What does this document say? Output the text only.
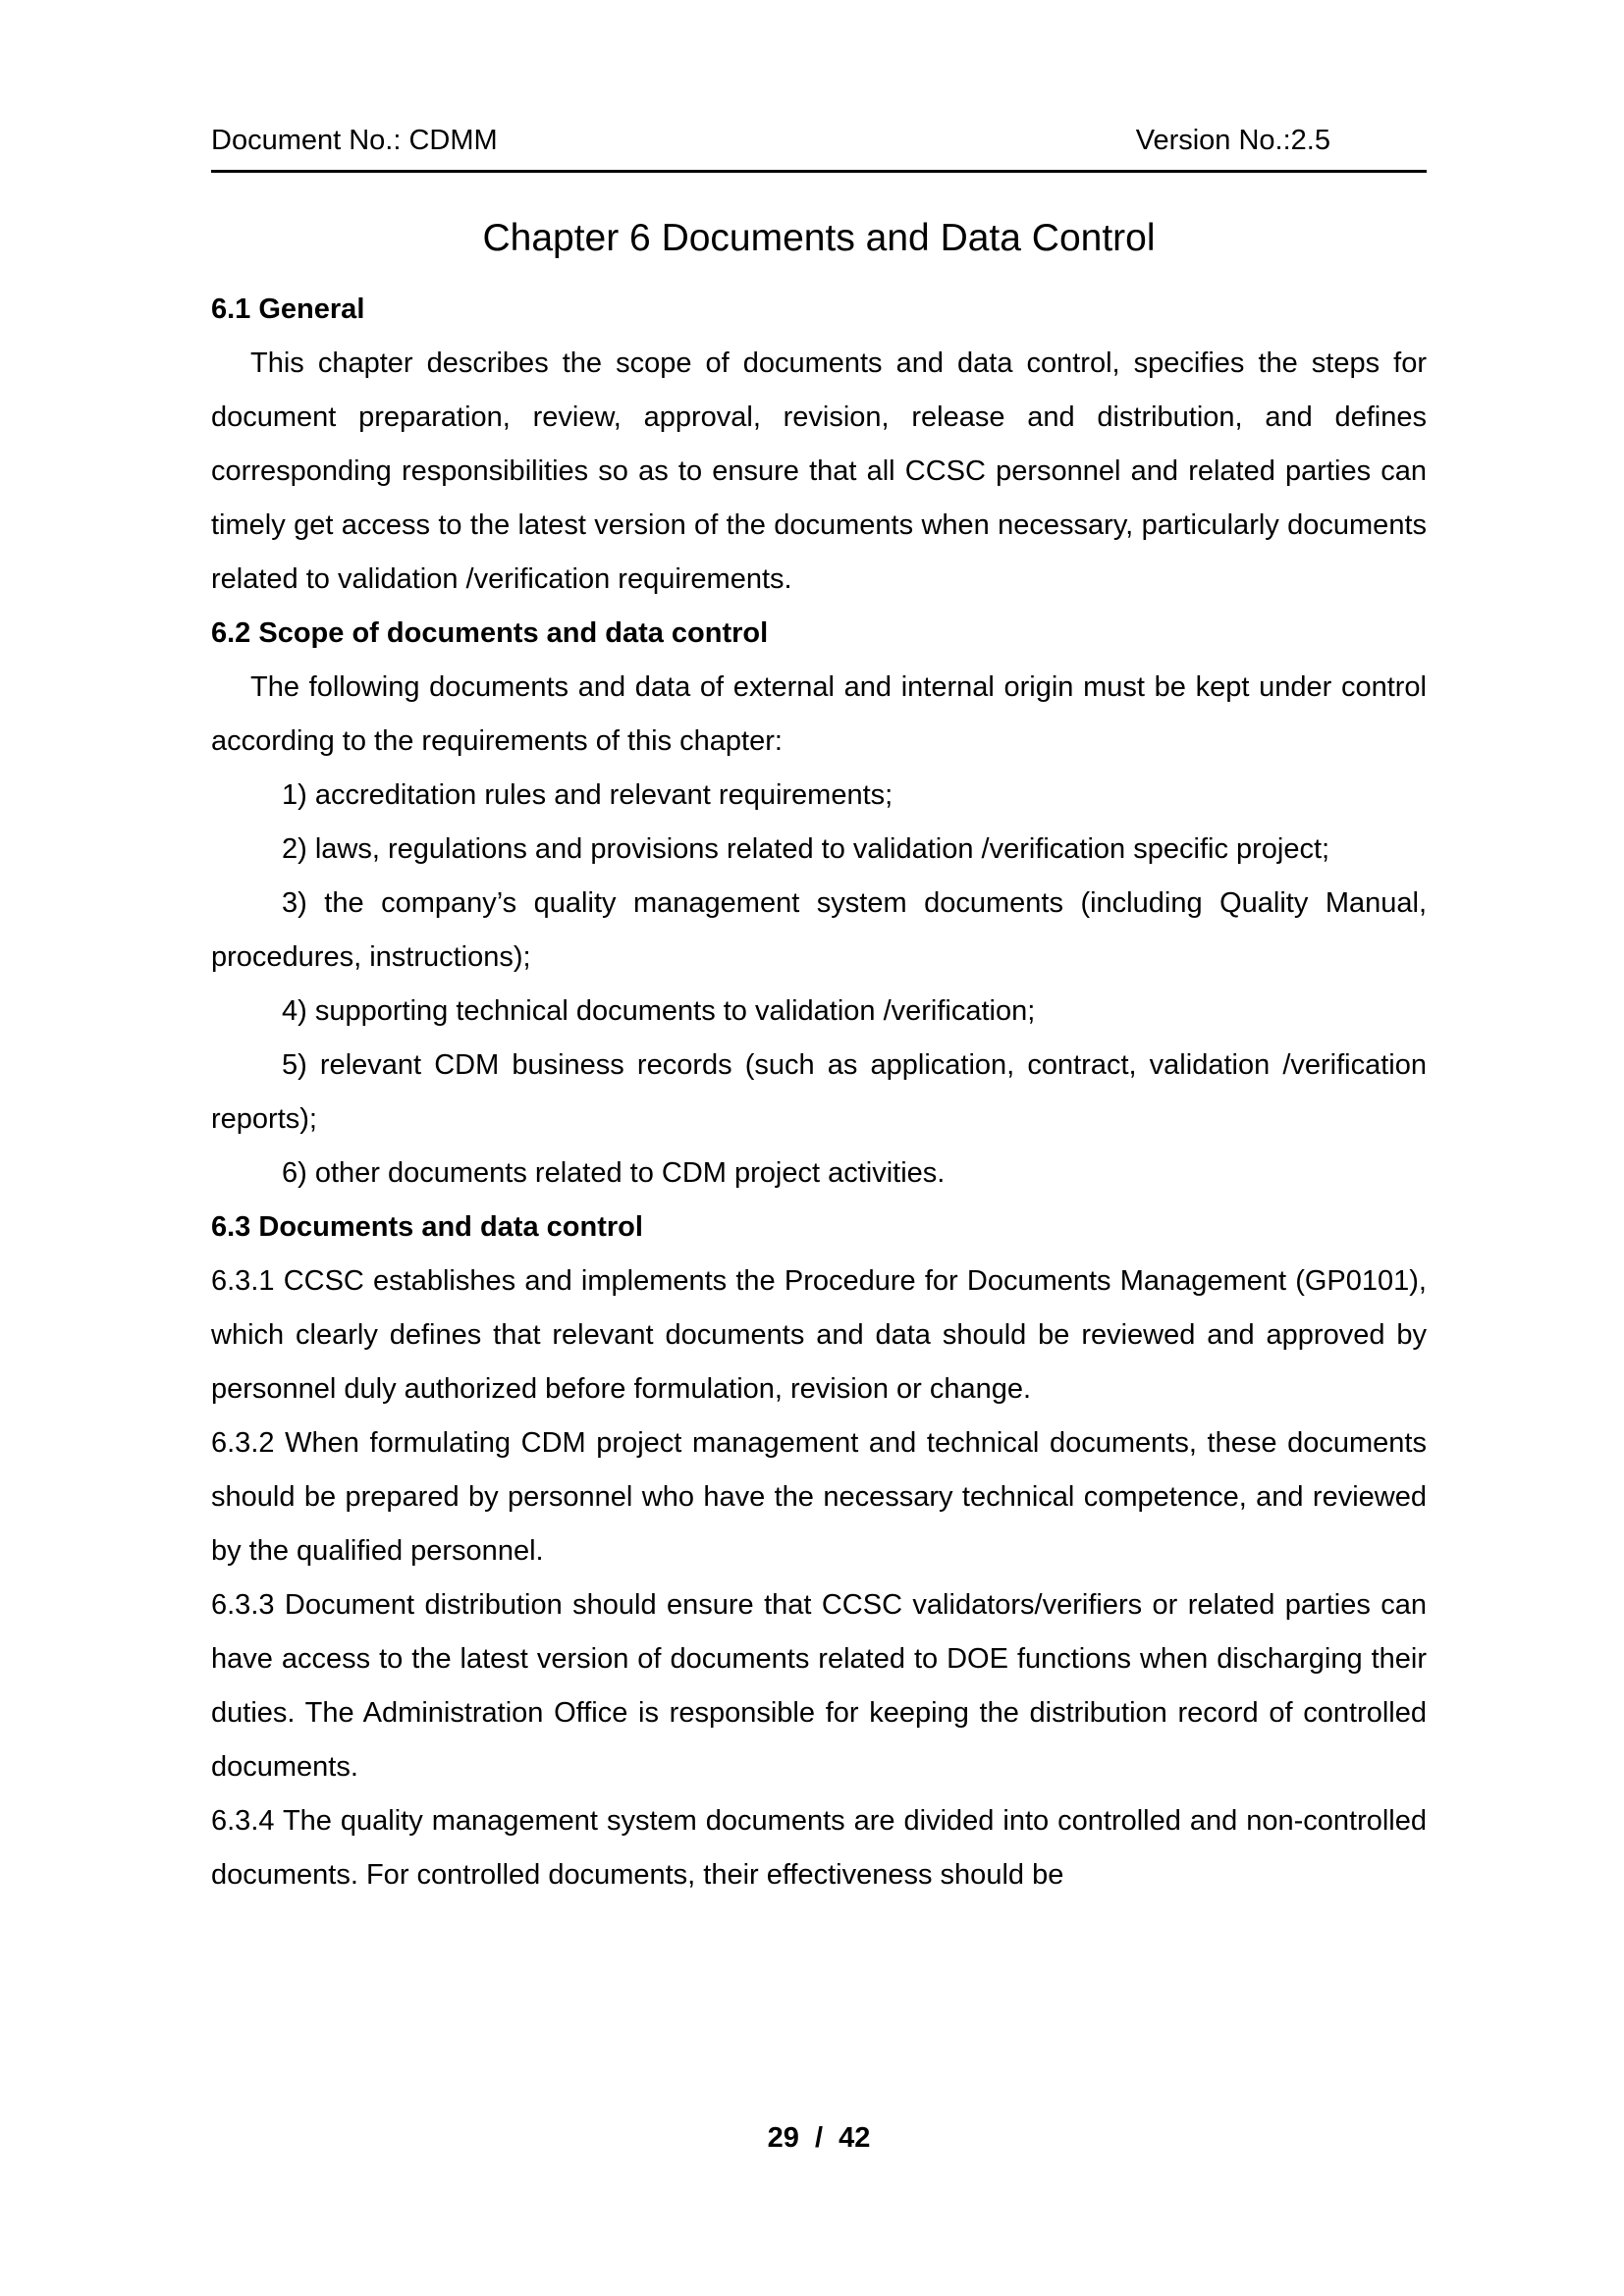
Document No.: CDMM	Version No.:2.5
Chapter 6 Documents and Data Control
6.1 General
This chapter describes the scope of documents and data control, specifies the steps for document preparation, review, approval, revision, release and distribution, and defines corresponding responsibilities so as to ensure that all CCSC personnel and related parties can timely get access to the latest version of the documents when necessary, particularly documents related to validation /verification requirements.
6.2 Scope of documents and data control
The following documents and data of external and internal origin must be kept under control according to the requirements of this chapter:
1) accreditation rules and relevant requirements;
2) laws, regulations and provisions related to validation /verification specific project;
3) the company’s quality management system documents (including Quality Manual, procedures, instructions);
4) supporting technical documents to validation /verification;
5) relevant CDM business records (such as application, contract, validation /verification reports);
6) other documents related to CDM project activities.
6.3 Documents and data control
6.3.1 CCSC establishes and implements the Procedure for Documents Management (GP0101), which clearly defines that relevant documents and data should be reviewed and approved by personnel duly authorized before formulation, revision or change.
6.3.2 When formulating CDM project management and technical documents, these documents should be prepared by personnel who have the necessary technical competence, and reviewed by the qualified personnel.
6.3.3 Document distribution should ensure that CCSC validators/verifiers or related parties can have access to the latest version of documents related to DOE functions when discharging their duties. The Administration Office is responsible for keeping the distribution record of controlled documents.
6.3.4 The quality management system documents are divided into controlled and non-controlled documents. For controlled documents, their effectiveness should be
29 / 42
